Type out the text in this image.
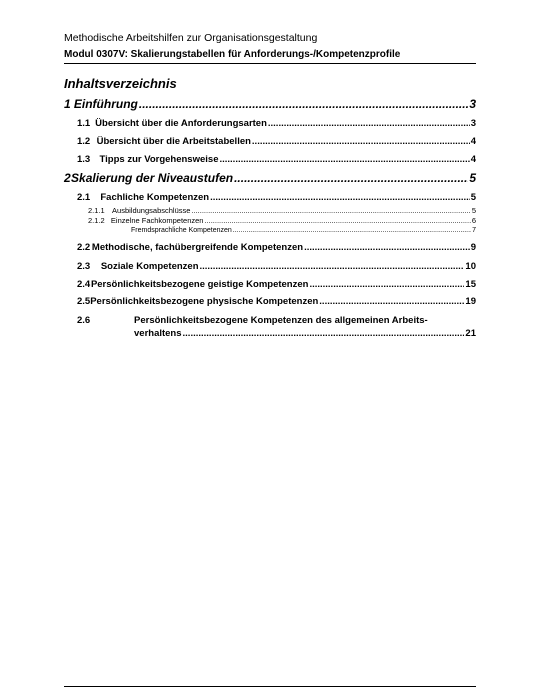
Methodische Arbeitshilfen zur Organisationsgestaltung
Modul 0307V: Skalierungstabellen für Anforderungs-/Kompetenzprofile
Inhaltsverzeichnis
1 Einführung .....	3
1.1 Übersicht über die Anforderungsarten .....	3
1.2 Übersicht über die Arbeitstabellen .....	4
1.3 Tipps zur Vorgehensweise .....	4
2 Skalierung der Niveaustufen .....	5
2.1	Fachliche Kompetenzen .....	5
2.1.1 Ausbildungsabschlüsse .....	5
2.1.2 Einzelne Fachkompetenzen .....	6
Fremdsprachliche Kompetenzen .....	7
2.2 Methodische, fachübergreifende Kompetenzen .....	9
2.3	Soziale Kompetenzen .....	10
2.4 Persönlichkeitsbezogene geistige Kompetenzen .....	15
2.5 Persönlichkeitsbezogene physische Kompetenzen .....	19
2.6	Persönlichkeitsbezogene Kompetenzen des allgemeinen Arbeits-
verhaltens .....	21
